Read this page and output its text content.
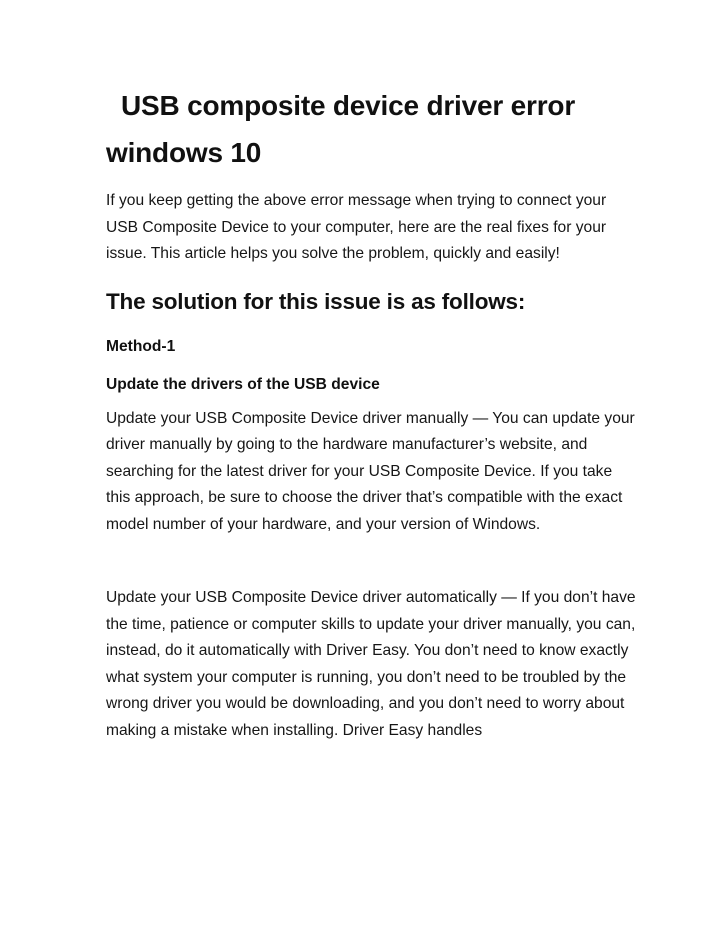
USB composite device driver error windows 10

If you keep getting the above error message when trying to connect your USB Composite Device to your computer, here are the real fixes for your issue. This article helps you solve the problem, quickly and easily!

The solution for this issue is as follows:

Method-1

Update the drivers of the USB device

Update your USB Composite Device driver manually — You can update your driver manually by going to the hardware manufacturer’s website, and searching for the latest driver for your USB Composite Device. If you take this approach, be sure to choose the driver that’s compatible with the exact model number of your hardware, and your version of Windows.

Update your USB Composite Device driver automatically — If you don’t have the time, patience or computer skills to update your driver manually, you can, instead, do it automatically with Driver Easy. You don’t need to know exactly what system your computer is running, you don’t need to be troubled by the wrong driver you would be downloading, and you don’t need to worry about making a mistake when installing. Driver Easy handles
